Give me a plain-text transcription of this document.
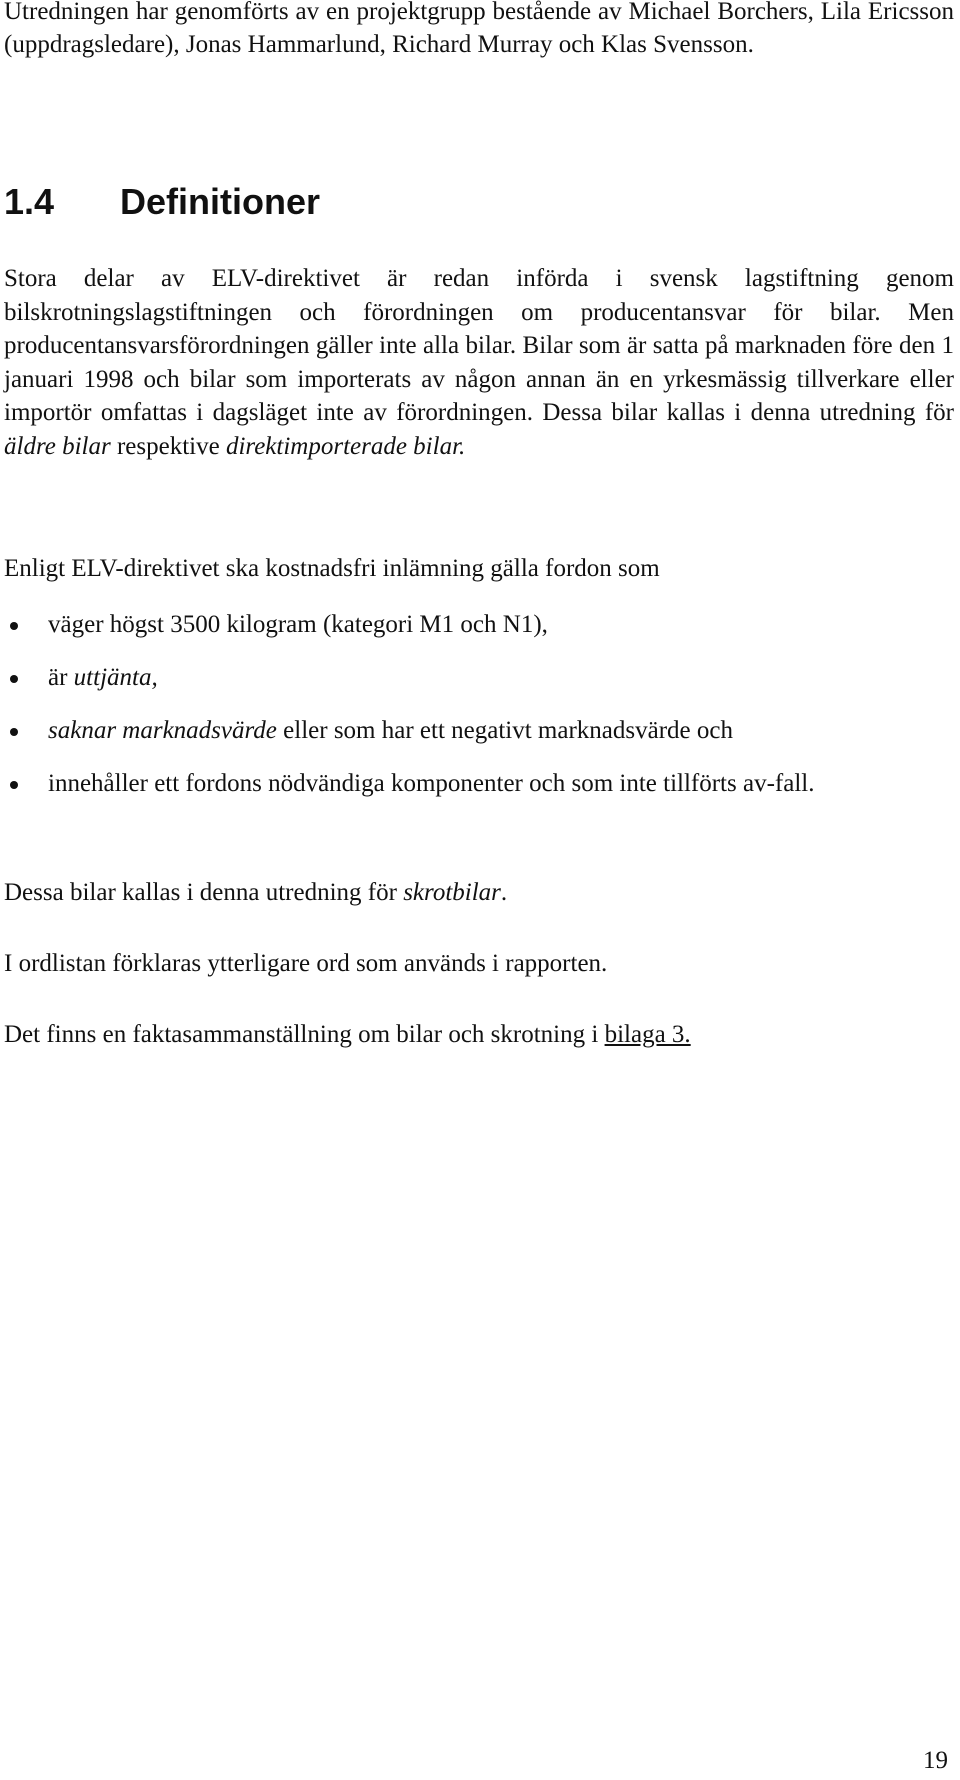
Utredningen har genomförts av en projektgrupp bestående av Michael Borchers, Lila Ericsson (uppdragsledare), Jonas Hammarlund, Richard Murray och Klas Svensson.

1.4 Definitioner

Stora delar av ELV-direktivet är redan införda i svensk lagstiftning genom bilskrotningslagstiftningen och förordningen om producentansvar för bilar. Men producentansvarsförordningen gäller inte alla bilar. Bilar som är satta på marknaden före den 1 januari 1998 och bilar som importerats av någon annan än en yrkesmässig tillverkare eller importör omfattas i dagsläget inte av förordningen. Dessa bilar kallas i denna utredning för äldre bilar respektive direktimporterade bilar.

Enligt ELV-direktivet ska kostnadsfri inlämning gälla fordon som

väger högst 3500 kilogram (kategori M1 och N1),
är uttjänta,
saknar marknadsvärde eller som har ett negativt marknadsvärde och
innehåller ett fordons nödvändiga komponenter och som inte tillförts av-fall.

Dessa bilar kallas i denna utredning för skrotbilar.

I ordlistan förklaras ytterligare ord som används i rapporten.

Det finns en faktasammanställning om bilar och skrotning i bilaga 3.

19
